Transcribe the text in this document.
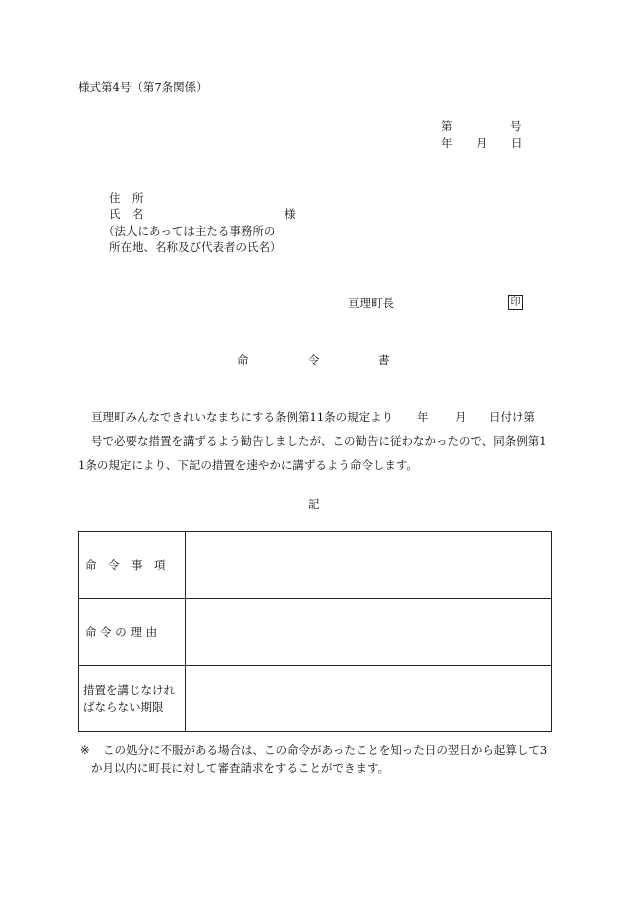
様式第4号（第7条関係）
第	号
年 月 日
住　所
氏　名	様
（法人にあっては主たる事務所の
所在地、名称及び代表者の氏名）
亘理町長	印
命	令	書
亘理町みんなできれいなまちにする条例第11条の規定より 年 月 日付け第
号で必要な措置を講ずるよう勧告しましたが、この勧告に従わなかったので、同条例第1
1条の規定により、下記の措置を速やかに講ずるよう命令します。
記
命　令　事　項
命 令 の 理 由
措置を講じなけれ
ばならない期限
※ この処分に不服がある場合は、この命令があったことを知った日の翌日から起算して3
か月以内に町長に対して審査請求をすることができます。
